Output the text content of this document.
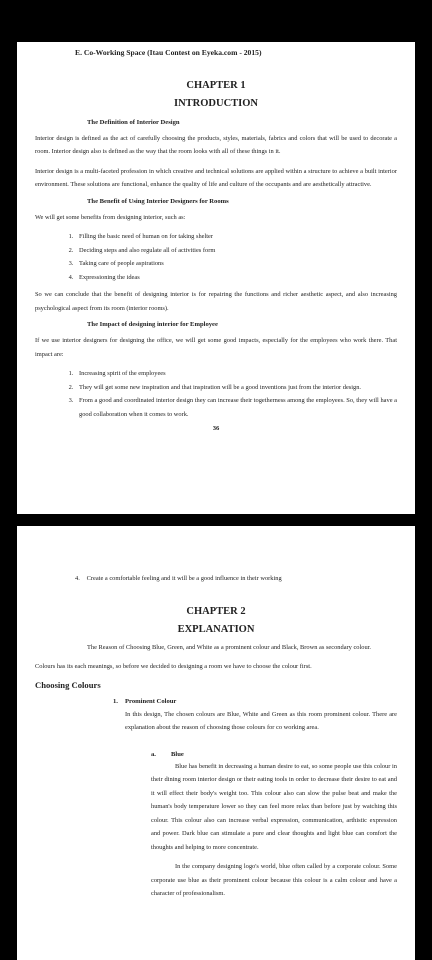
E. Co-Working Space (Itau Contest on Eyeka.com - 2015)
CHAPTER 1
INTRODUCTION
The Definition of Interior Design

Interior design is defined as the act of carefully choosing the products, styles, materials, fabrics and colors that will be used to decorate a room. Interior design also is defined as the way that the room looks with all of these things in it.

Interior design is a multi-faceted profession in which creative and technical solutions are applied within a structure to achieve a built interior environment. These solutions are functional, enhance the quality of life and culture of the occupants and are aesthetically attractive.

The Benefit of Using Interior Designers for Rooms

We will get some benefits from designing interior, such as:

1. Filling the basic need of human on for taking shelter
2. Deciding steps and also regulate all of activities form
3. Taking care of people aspirations
4. Expressioning the ideas

So we can conclude that the benefit of designing interior is for repairing the functions and richer aesthetic aspect, and also increasing psychological aspect from its room (interior rooms).

The Impact of designing interior for Employee

If we use interior designers for designing the office, we will get some good impacts, especially for the employees who work there. That impact are:

1. Increasing spirit of the employees
2. They will get some new inspiration and that inspiration will be a good inventions just from the interior design.
3. From a good and coordinated interior design they can increase their togetherness among the employees. So, they will have a good collaboration when it comes to work.
36
4. Create a comfortable feeling and it will be a good influence in their working
CHAPTER 2
EXPLANATION

The Reason of Choosing Blue, Green, and White as a prominent colour and Black, Brown as secondary colour.

Colours has its each meanings, so before we decided to designing a room we have to choose the colour first.

Choosing Colours
1. Prominent Colour

In this design, The chosen colours are Blue, White and Green as this room prominent colour. There are explanation about the reason of choosing those colours for co working area.

a. Blue

Blue has benefit in decreasing a human desire to eat, so some people use this colour in their dining room interior design or their eating tools in order to decrease their desire to eat and it will effect their body's weight too. This colour also can slow the pulse beat and make the human's body temperature lower so they can feel more relax than before just by watching this colour. This colour also can increase verbal expression, communication, arthistic expression and power. Dark blue can stimulate a pure and clear thoughts and light blue can comfort the thoughts and helping to more concentrate.

In the company designing logo's world, blue often called by a corporate colour. Some corporate use blue as their prominent colour because this colour is a calm colour and have a character of professionalism.
